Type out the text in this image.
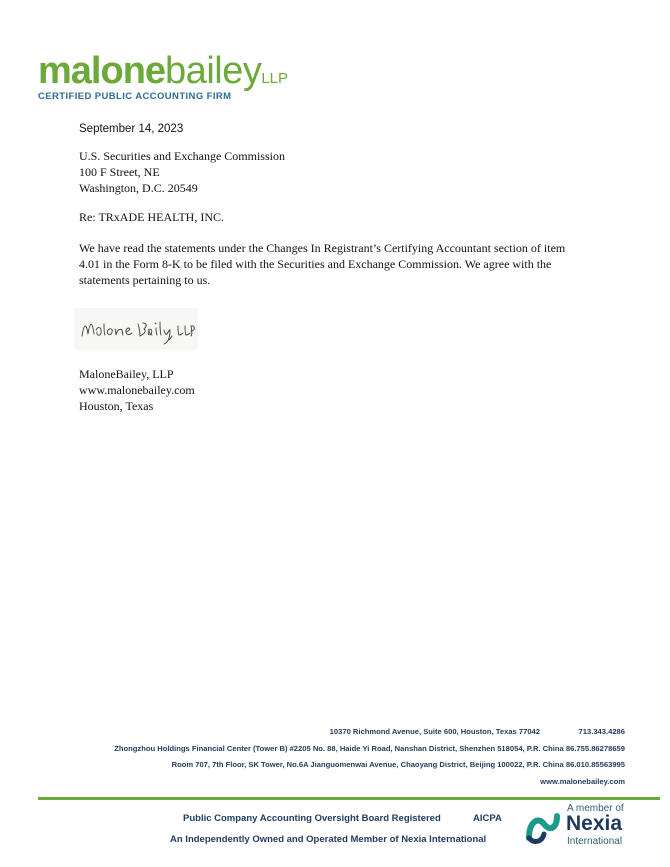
malonebaileyLLP
CERTIFIED PUBLIC ACCOUNTING FIRM
September 14, 2023
U.S. Securities and Exchange Commission
100 F Street, NE
Washington, D.C. 20549
Re: TRxADE HEALTH, INC.
We have read the statements under the Changes In Registrant’s Certifying Accountant section of item 4.01 in the Form 8-K to be filed with the Securities and Exchange Commission. We agree with the statements pertaining to us.
MaloneBailey, LLP
www.malonebailey.com
Houston, Texas
10370 Richmond Avenue, Suite 600, Houston, Texas 77042	713.343.4286
Zhongzhou Holdings Financial Center (Tower B) #2205 No. 88, Haide Yi Road, Nanshan District, Shenzhen 518054, P.R. China 86.755.86278659
Room 707, 7th Floor, SK Tower, No.6A Jianguomenwai Avenue, Chaoyang District, Beijing 100022, P.R. China 86.010.85563995
www.malonebailey.com
Public Company Accounting Oversight Board Registered	AICPA
An Independently Owned and Operated Member of Nexia International
A member of
Nexia
International
